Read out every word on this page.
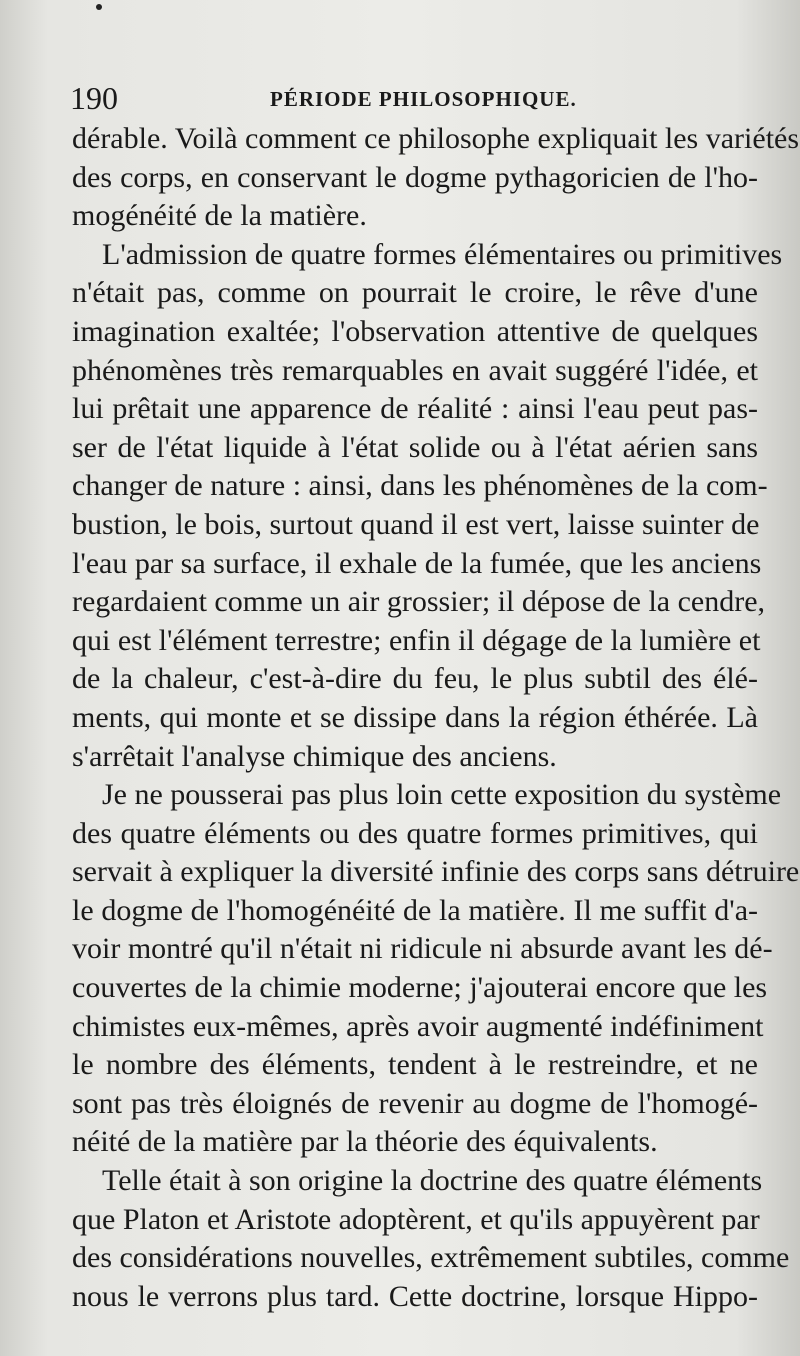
190	PÉRIODE PHILOSOPHIQUE.
dérable. Voilà comment ce philosophe expliquait les variétés
des corps, en conservant le dogme pythagoricien de l'ho-
mogénéité de la matière.
L'admission de quatre formes élémentaires ou primitives
n'était pas, comme on pourrait le croire, le rêve d'une
imagination exaltée; l'observation attentive de quelques
phénomènes très remarquables en avait suggéré l'idée, et
lui prêtait une apparence de réalité : ainsi l'eau peut pas-
ser de l'état liquide à l'état solide ou à l'état aérien sans
changer de nature : ainsi, dans les phénomènes de la com-
bustion, le bois, surtout quand il est vert, laisse suinter de
l'eau par sa surface, il exhale de la fumée, que les anciens
regardaient comme un air grossier; il dépose de la cendre,
qui est l'élément terrestre; enfin il dégage de la lumière et
de la chaleur, c'est-à-dire du feu, le plus subtil des élé-
ments, qui monte et se dissipe dans la région éthérée. Là
s'arrêtait l'analyse chimique des anciens.
Je ne pousserai pas plus loin cette exposition du système
des quatre éléments ou des quatre formes primitives, qui
servait à expliquer la diversité infinie des corps sans détruire
le dogme de l'homogénéité de la matière. Il me suffit d'a-
voir montré qu'il n'était ni ridicule ni absurde avant les dé-
couvertes de la chimie moderne; j'ajouterai encore que les
chimistes eux-mêmes, après avoir augmenté indéfiniment
le nombre des éléments, tendent à le restreindre, et ne
sont pas très éloignés de revenir au dogme de l'homogé-
néité de la matière par la théorie des équivalents.
Telle était à son origine la doctrine des quatre éléments
que Platon et Aristote adoptèrent, et qu'ils appuyèrent par
des considérations nouvelles, extrêmement subtiles, comme
nous le verrons plus tard. Cette doctrine, lorsque Hippo-
